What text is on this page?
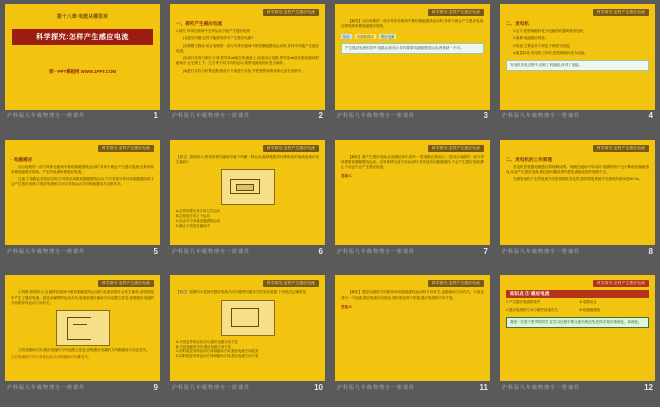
第十八章 电能从哪里来
科学探究:怎样产生感应电流
第一PPT模板网 WWW.1PPT.COM
沪科版九年级物理全一册课件	1
科学探究:怎样产生感应电流
一、探究产生感应电流
1.探究:导体在磁场中怎样运动才能产生感应电流
(1)提出问题:怎样才能使导体中产生感应电流?
(2)猜想与假设:闭合电路的一部分导体在磁场中做切割磁感线运动时,导体中可能产生感应电流。
(3)设计实验与制订计划:把导体ab接在电流表上,组成闭合电路,将导体ab放在蹄形磁体的磁场中,让它做上下、左右等不同方向的运动,观察电流表指针是否偏转。
(4)进行实验与收集证据:按设计方案进行实验,并把观察到的现象记录在表格中。
沪科版九年级物理全一册课件	2
科学探究:怎样产生感应电流
【解答】闭合电路的一部分导体在磁场中做切割磁感线运动时,导体中就会产生感应电流,这种现象叫做电磁感应现象。
闭合	切割磁感线	感应电流
产生感应电流的条件:电路必须闭合;导体要做切割磁感线运动,两者缺一不可。
沪科版九年级物理全一册课件	3
科学探究:怎样产生感应电流
二、发电机
1.定义:把机械能转化为电能的机器叫做发电机。
2.原理:电磁感应现象。
3.构造:主要由转子和定子两部分组成。
4.能量转化:发电机工作时,把机械能转化为电能。
发电机发电过程中,消耗了机械能,获得了电能。
沪科版九年级物理全一册课件	4
科学探究:怎样产生感应电流
· 电磁感应
闭合电路的一部分导体在磁场中做切割磁感线运动时,导体中就会产生感应电流,这种现象叫做电磁感应现象。产生的电流叫做感应电流。
注意:①电路必须是闭合的;②导体必须做切割磁感线运动;③只有部分导体切割磁感线时才会产生感应电流;④感应电流的方向与导体运动方向和磁感线方向都有关。
沪科版九年级物理全一册课件	5
科学探究:怎样产生感应电流
【例1】 如图所示,使导体棒在磁场中做下列哪一种运动,能够使跟导体棒相连的电流表指针发生偏转?
A.沿导体棒自身方向左右运动
B.沿竖直方向上下运动
C.沿水平方向垂直磁感线运动
D.静止不动放在磁场中
沪科版九年级物理全一册课件	6
科学探究:怎样产生感应电流
【解析】要产生感应电流,必须满足两个条件:一是电路必须闭合;二是闭合电路的一部分导体要做切割磁感线运动。沿导体棒自身方向运动时,导体没有切割磁感线,不会产生感应电流;静止不动也不会产生感应电流。
答案:C
沪科版九年级物理全一册课件	7
科学探究:怎样产生感应电流
二、发电机的工作原理
发电机是根据电磁感应原理制成的。线圈在磁场中转动时,线圈的两个边不断地切割磁感线,从而产生感应电流,通过换向器或滑环把电流输送到外电路中去。
交流发电机产生的电流方向是周期性变化的,我国供电系统中交流电的频率是50 Hz。
沪科版九年级物理全一册课件	8
科学探究:怎样产生感应电流
①判断:如图所示,金属棒在磁场中做切割磁感线运动时,电流表指针会发生偏转,说明电路中产生了感应电流。改变金属棒的运动方向,电流表指针偏转方向也随之改变,说明感应电流的方向跟导体运动方向有关。
②改变磁场方向,感应电流的方向也随之改变,说明感应电流的方向跟磁场方向也有关。
②应电流的方向与导体运动方向和磁场方向都有关。
沪科版九年级物理全一册课件	9
科学探究:怎样产生感应电流
【例2】 如图所示是探究感应电流方向与哪些因素有关的实验装置,下列说法正确的是
A.只改变导体运动方向,感应电流方向不变
B.只改变磁场方向,感应电流方向不变
C.同时改变导体运动方向和磁场方向,感应电流方向改变
D.同时改变导体运动方向和磁场方向,感应电流方向不变
沪科版九年级物理全一册课件	10
科学探究:怎样产生感应电流
【解析】感应电流的方向跟导体切割磁感线运动的方向有关,也跟磁场方向有关。只改变其中一个因素,感应电流方向改变;同时改变两个因素,感应电流的方向不变。
答案:D
沪科版九年级物理全一册课件	11
科学探究:怎样产生感应电流
知识点 ③ 感应电流
1.产生感应电流的条件
2.感应电流的方向与哪些因素有关
A.电路闭合
B.切割磁感线
我是一位善于思考的同学,在学习过程中要注意归纳总结,把所学知识系统化、条理化。
沪科版九年级物理全一册课件	12
